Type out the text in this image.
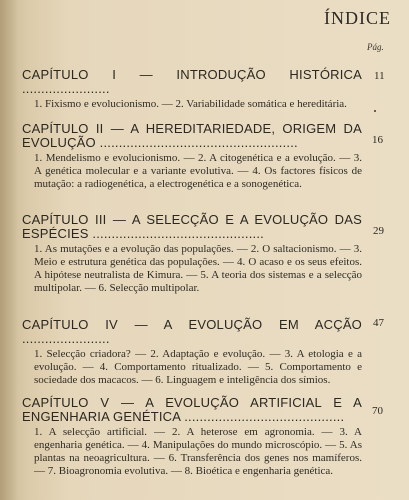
ÍNDICE
Pág.
CAPÍTULO I — INTRODUÇÃO HISTÓRICA .......................
1. Fixismo e evolucionismo. — 2. Variabilidade somática e hereditária.
11
CAPÍTULO II — A HEREDITARIEDADE, ORIGEM DA EVOLUÇÃO ....................................................
1. Mendelismo e evolucionismo. — 2. A citogenética e a evolução. — 3. A genética molecular e a variante evolutiva. — 4. Os factores físicos de mutação: a radiogenética, a electrogenética e a sonogenética.
16
CAPÍTULO III — A SELECÇÃO E A EVOLUÇÃO DAS ESPÉCIES .............................................
1. As mutações e a evolução das populações. — 2. O saltacionismo. — 3. Meio e estrutura genética das populações. — 4. O acaso e os seus efeitos. A hipótese neutralista de Kimura. — 5. A teoria dos sistemas e a selecção multipolar. — 6. Selecção multipolar.
29
CAPÍTULO IV — A EVOLUÇÃO EM ACÇÃO .......................
1. Selecção criadora? — 2. Adaptação e evolução. — 3. A etologia e a evolução. — 4. Comportamento ritualizado. — 5. Comportamento e sociedade dos macacos. — 6. Linguagem e inteligência dos símios.
47
CAPÍTULO V — A EVOLUÇÃO ARTIFICIAL E A ENGENHARIA GENÉTICA ..........................................
1. A selecção artificial. — 2. A heterose em agronomia. — 3. A engenharia genética. — 4. Manipulações do mundo microscópio. — 5. As plantas na neoagricultura. — 6. Transferência dos genes nos mamíferos. — 7. Bioagronomia evolutiva. — 8. Bioética e engenharia genética.
70
